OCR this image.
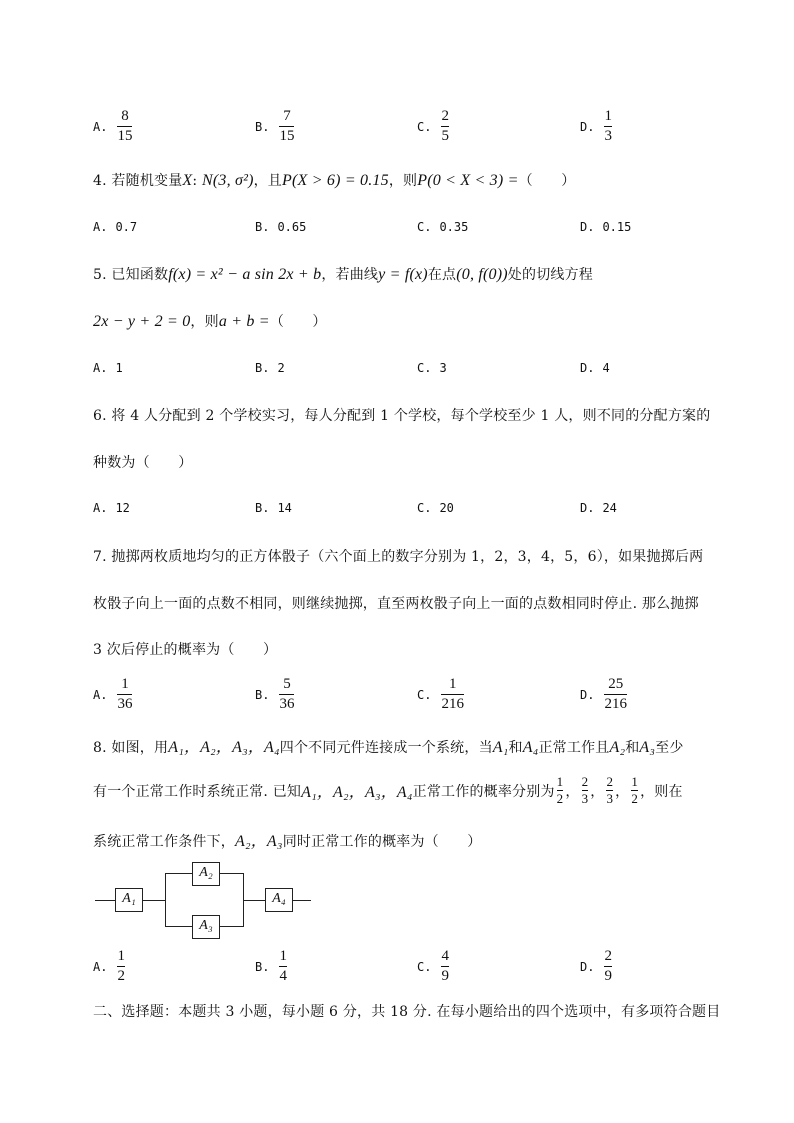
A. $\frac{8}{15}$	B. $\frac{7}{15}$	C. $\frac{2}{5}$	D. $\frac{1}{3}$
4. 若随机变量X: N(3, σ²)，且P(X > 6) = 0.15，则P(0 < X < 3) =（　　）
A. 0.7	B. 0.65	C. 0.35	D. 0.15
5. 已知函数f(x) = x² − a sin 2x + b，若曲线y = f(x)在点(0, f(0))处的切线方程
2x − y + 2 = 0，则a + b =（　　）
A. 1	B. 2	C. 3	D. 4
6. 将 4 人分配到 2 个学校实习，每人分配到 1 个学校，每个学校至少 1 人，则不同的分配方案的
种数为（　　）
A. 12	B. 14	C. 20	D. 24
7. 抛掷两枚质地均匀的正方体骰子（六个面上的数字分别为 1，2，3，4，5，6），如果抛掷后两
枚骰子向上一面的点数不相同，则继续抛掷，直至两枚骰子向上一面的点数相同时停止. 那么抛掷
3 次后停止的概率为（　　）
A. $\frac{1}{36}$	B. $\frac{5}{36}$	C. $\frac{1}{216}$	D. $\frac{25}{216}$
8. 如图，用A₁，A₂，A₃，A₄四个不同元件连接成一个系统，当A₁和A₄正常工作且A₂和A₃至少
有一个正常工作时系统正常. 已知 A₁，A₂，A₃，A₄ 正常工作的概率分别为 $\frac{1}{2}$ ， $\frac{2}{3}$ ， $\frac{2}{3}$ ， $\frac{1}{2}$ ，则在
系统正常工作条件下，A₂，A₃同时正常工作的概率为（　　）
A₁
A₂
A₃
A₄
A. $\frac{1}{2}$	B. $\frac{1}{4}$	C. $\frac{4}{9}$	D. $\frac{2}{9}$
二、选择题：本题共 3 小题，每小题 6 分，共 18 分. 在每小题给出的四个选项中，有多项符合题目
